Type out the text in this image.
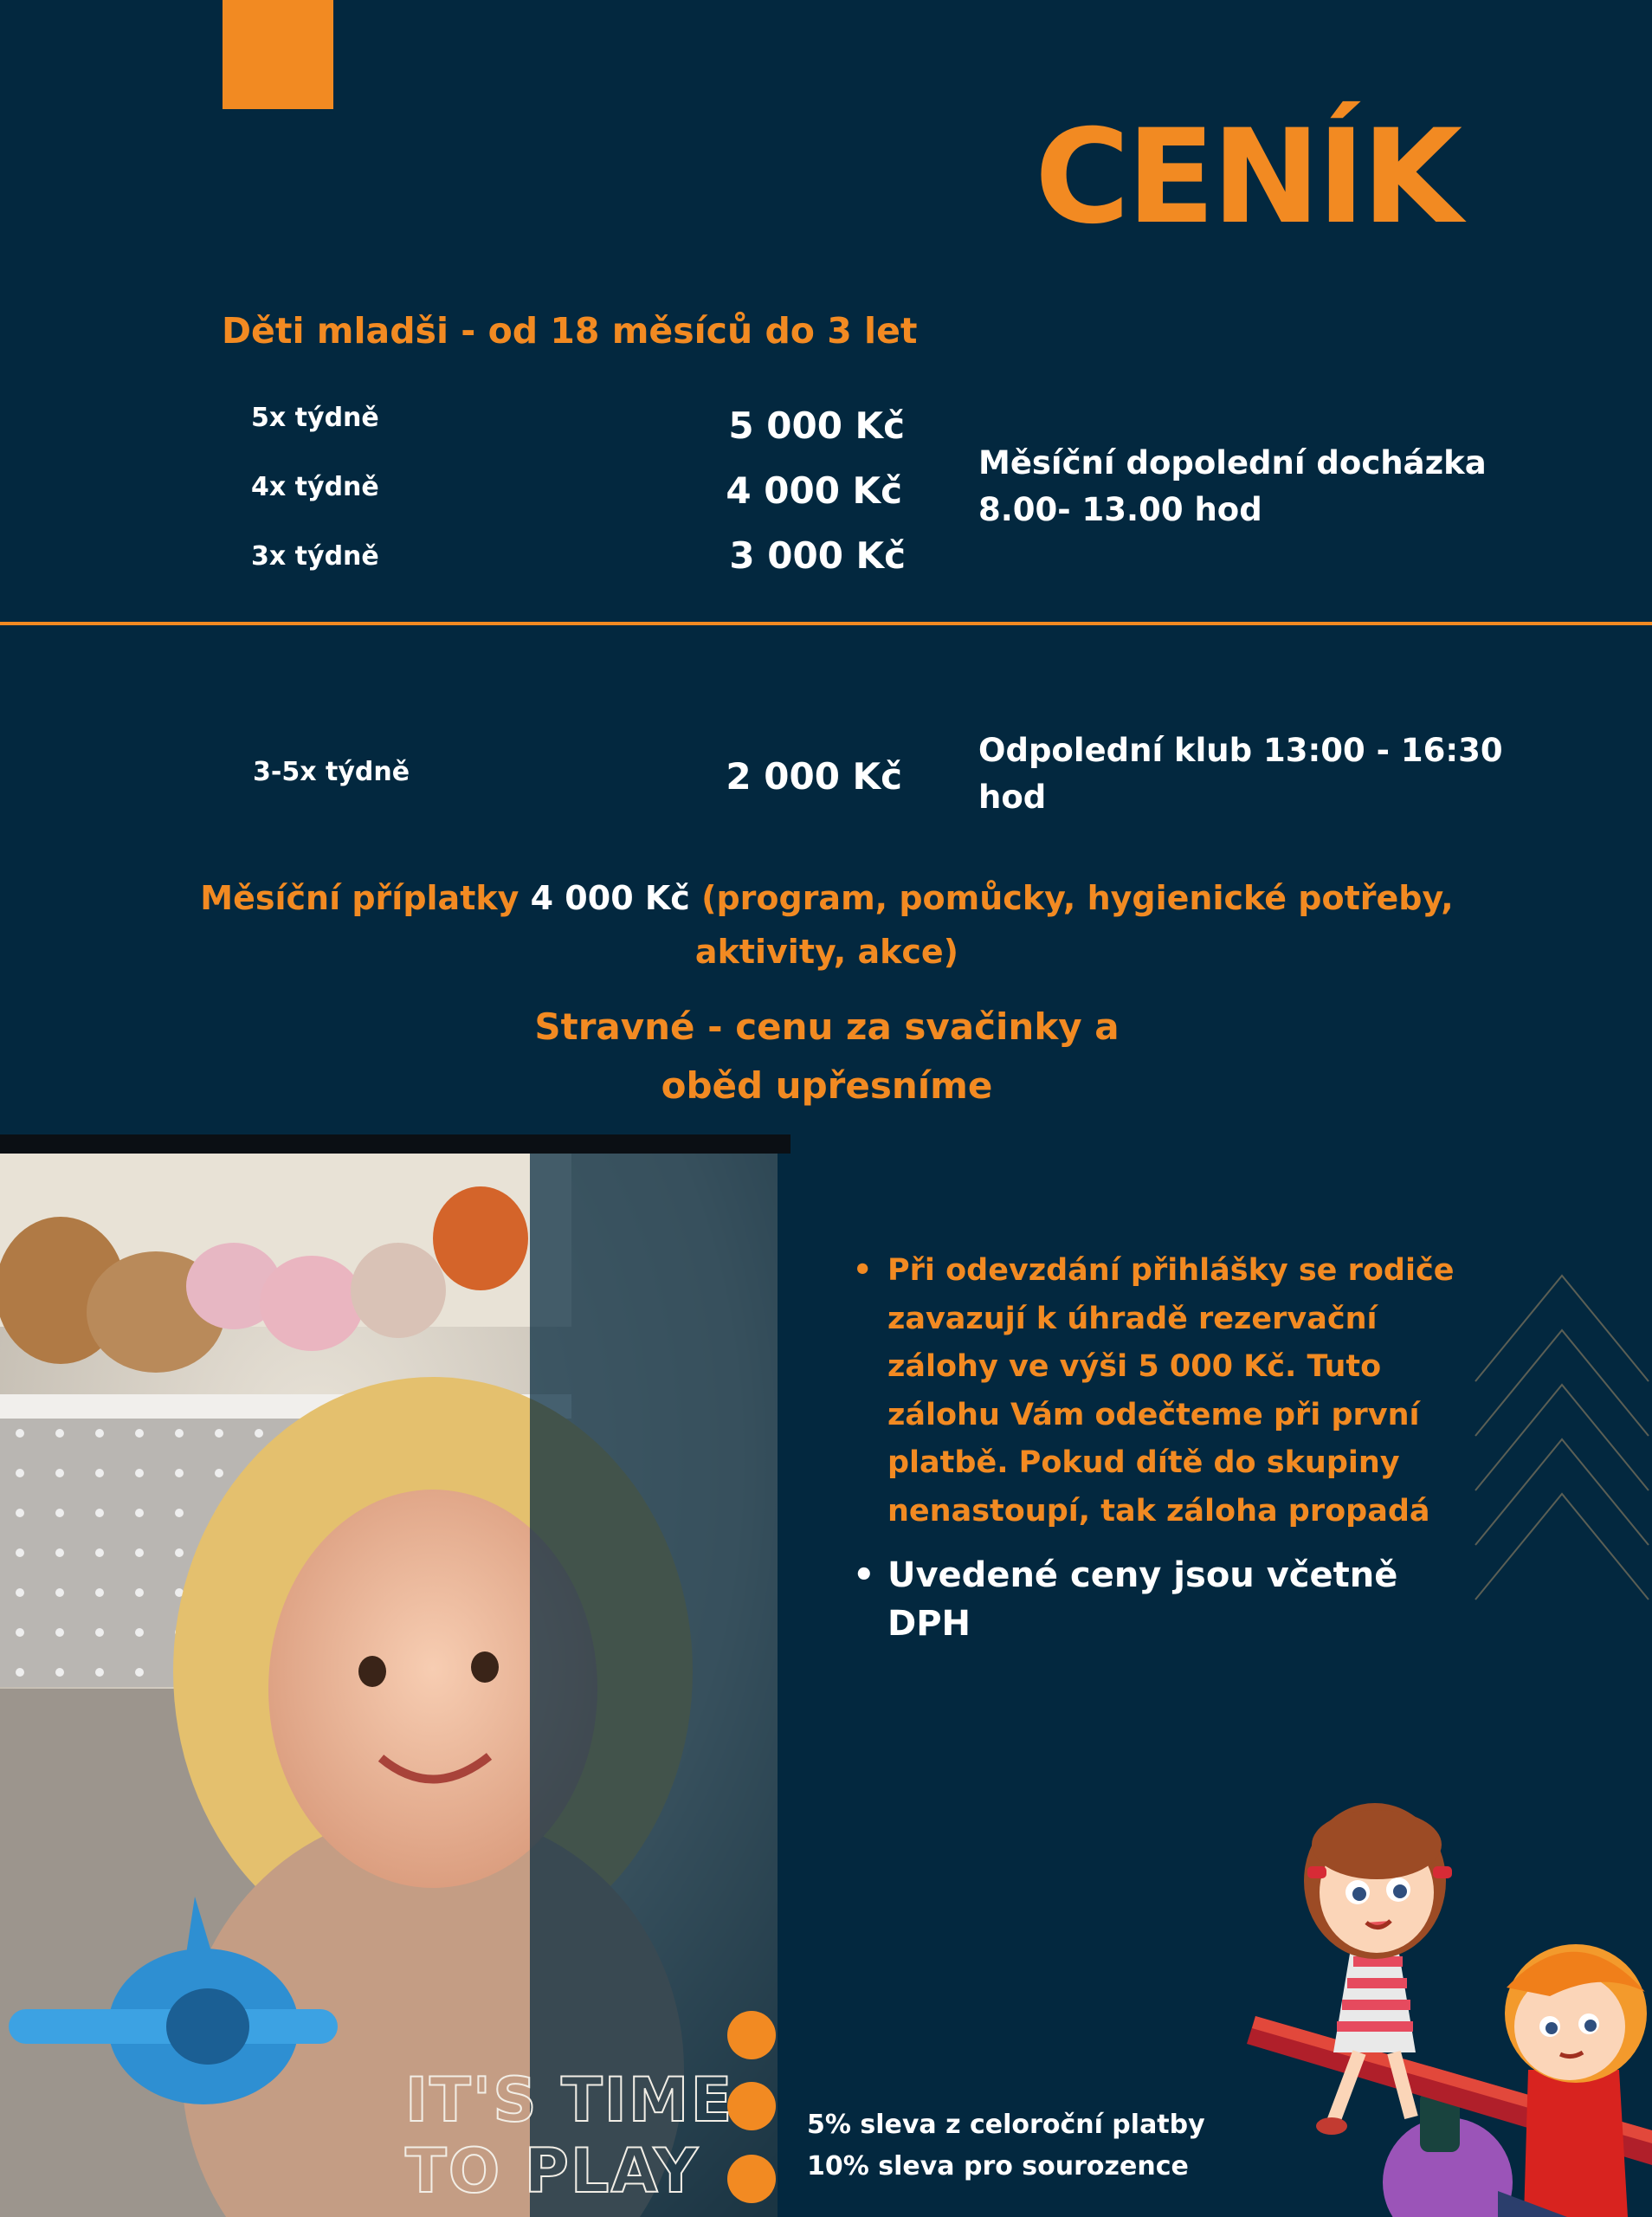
CENÍK
Děti mladši - od 18 měsíců do 3 let
5x týdně	5 000 Kč
4x týdně	4 000 Kč
3x týdně	3 000 Kč
Měsíční dopolední docházka 8.00- 13.00 hod
3-5x týdně	2 000 Kč
Odpolední klub 13:00 - 16:30 hod
Měsíční příplatky 4 000 Kč (program, pomůcky, hygienické potřeby, aktivity, akce)
Stravné - cenu za svačinky a oběd upřesníme
IT'S TIME
TO PLAY
• Při odevzdání přihlášky se rodiče zavazují k úhradě rezervační zálohy ve výši 5 000 Kč. Tuto zálohu Vám odečteme při první platbě. Pokud dítě do skupiny nenastoupí, tak záloha propadá
• Uvedené ceny jsou včetně DPH
5% sleva z celoroční platby
10% sleva pro sourozence
